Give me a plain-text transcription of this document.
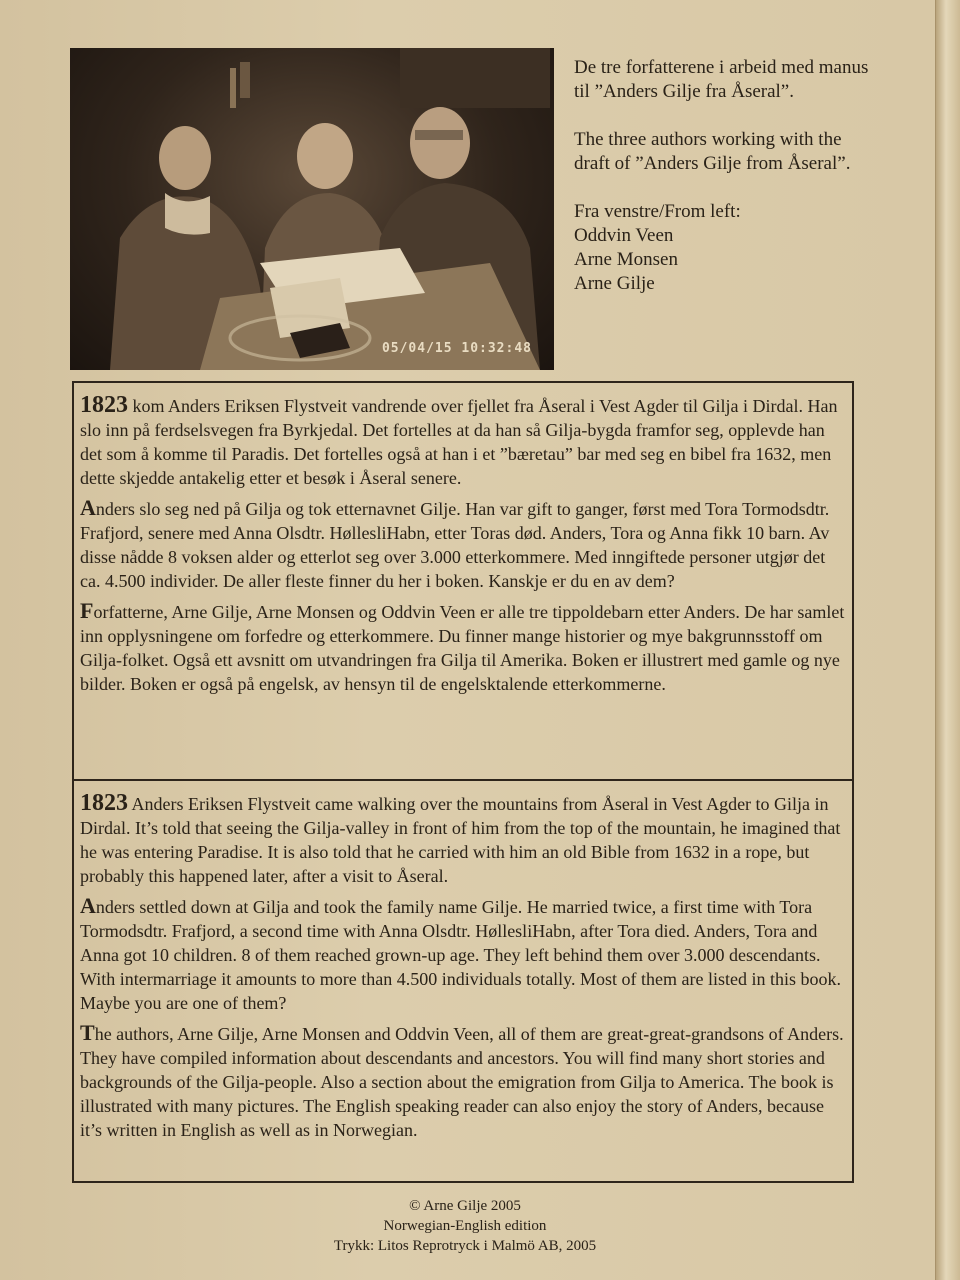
05/04/15 10:32:48

De tre forfatterene i arbeid med manus til ”Anders Gilje fra Åseral”.

The three authors working with the draft of ”Anders Gilje from Åseral”.

Fra venstre/From left:
Oddvin Veen
Arne Monsen
Arne Gilje

1823 kom Anders Eriksen Flystveit vandrende over fjellet fra Åseral i Vest Agder til Gilja i Dirdal. Han slo inn på ferdselsvegen fra Byrkjedal. Det fortelles at da han så Gilja-bygda framfor seg, opplevde han det som å komme til Paradis. Det fortelles også at han i et ”bæretau” bar med seg en bibel fra 1632, men dette skjedde antakelig etter et besøk i Åseral senere.

Anders slo seg ned på Gilja og tok etternavnet Gilje. Han var gift to ganger, først med Tora Tormodsdtr. Frafjord, senere med Anna Olsdtr. HøllesliHabn, etter Toras død. Anders, Tora og Anna fikk 10 barn. Av disse nådde 8 voksen alder og etterlot seg over 3.000 etterkommere. Med inngiftede personer utgjør det ca. 4.500 individer. De aller fleste finner du her i boken. Kanskje er du en av dem?

Forfatterne, Arne Gilje, Arne Monsen og Oddvin Veen er alle tre tippoldebarn etter Anders. De har samlet inn opplysningene om forfedre og etterkommere. Du finner mange historier og mye bakgrunnsstoff om Gilja-folket. Også ett avsnitt om utvandringen fra Gilja til Amerika. Boken er illustrert med gamle og nye bilder. Boken er også på engelsk, av hensyn til de engelsktalende etterkommerne.

1823 Anders Eriksen Flystveit came walking over the mountains from Åseral in Vest Agder to Gilja in Dirdal. It’s told that seeing the Gilja-valley in front of him from the top of the mountain, he imagined that he was entering Paradise. It is also told that he carried with him an old Bible from 1632 in a rope, but probably this happened later, after a visit to Åseral.

Anders settled down at Gilja and took the family name Gilje. He married twice, a first time with Tora Tormodsdtr. Frafjord, a second time with Anna Olsdtr. HøllesliHabn, after Tora died. Anders, Tora and Anna got 10 children. 8 of them reached grown-up age. They left behind them over 3.000 descendants. With intermarriage it amounts to more than 4.500 individuals totally. Most of them are listed in this book. Maybe you are one of them?

The authors, Arne Gilje, Arne Monsen and Oddvin Veen, all of them are great-great-grandsons of Anders. They have compiled information about descendants and ancestors. You will find many short stories and backgrounds of the Gilja-people. Also a section about the emigration from Gilja to America. The book is illustrated with many pictures. The English speaking reader can also enjoy the story of Anders, because it’s written in English as well as in Norwegian.

© Arne Gilje 2005
Norwegian-English edition
Trykk: Litos Reprotryck i Malmö AB, 2005
